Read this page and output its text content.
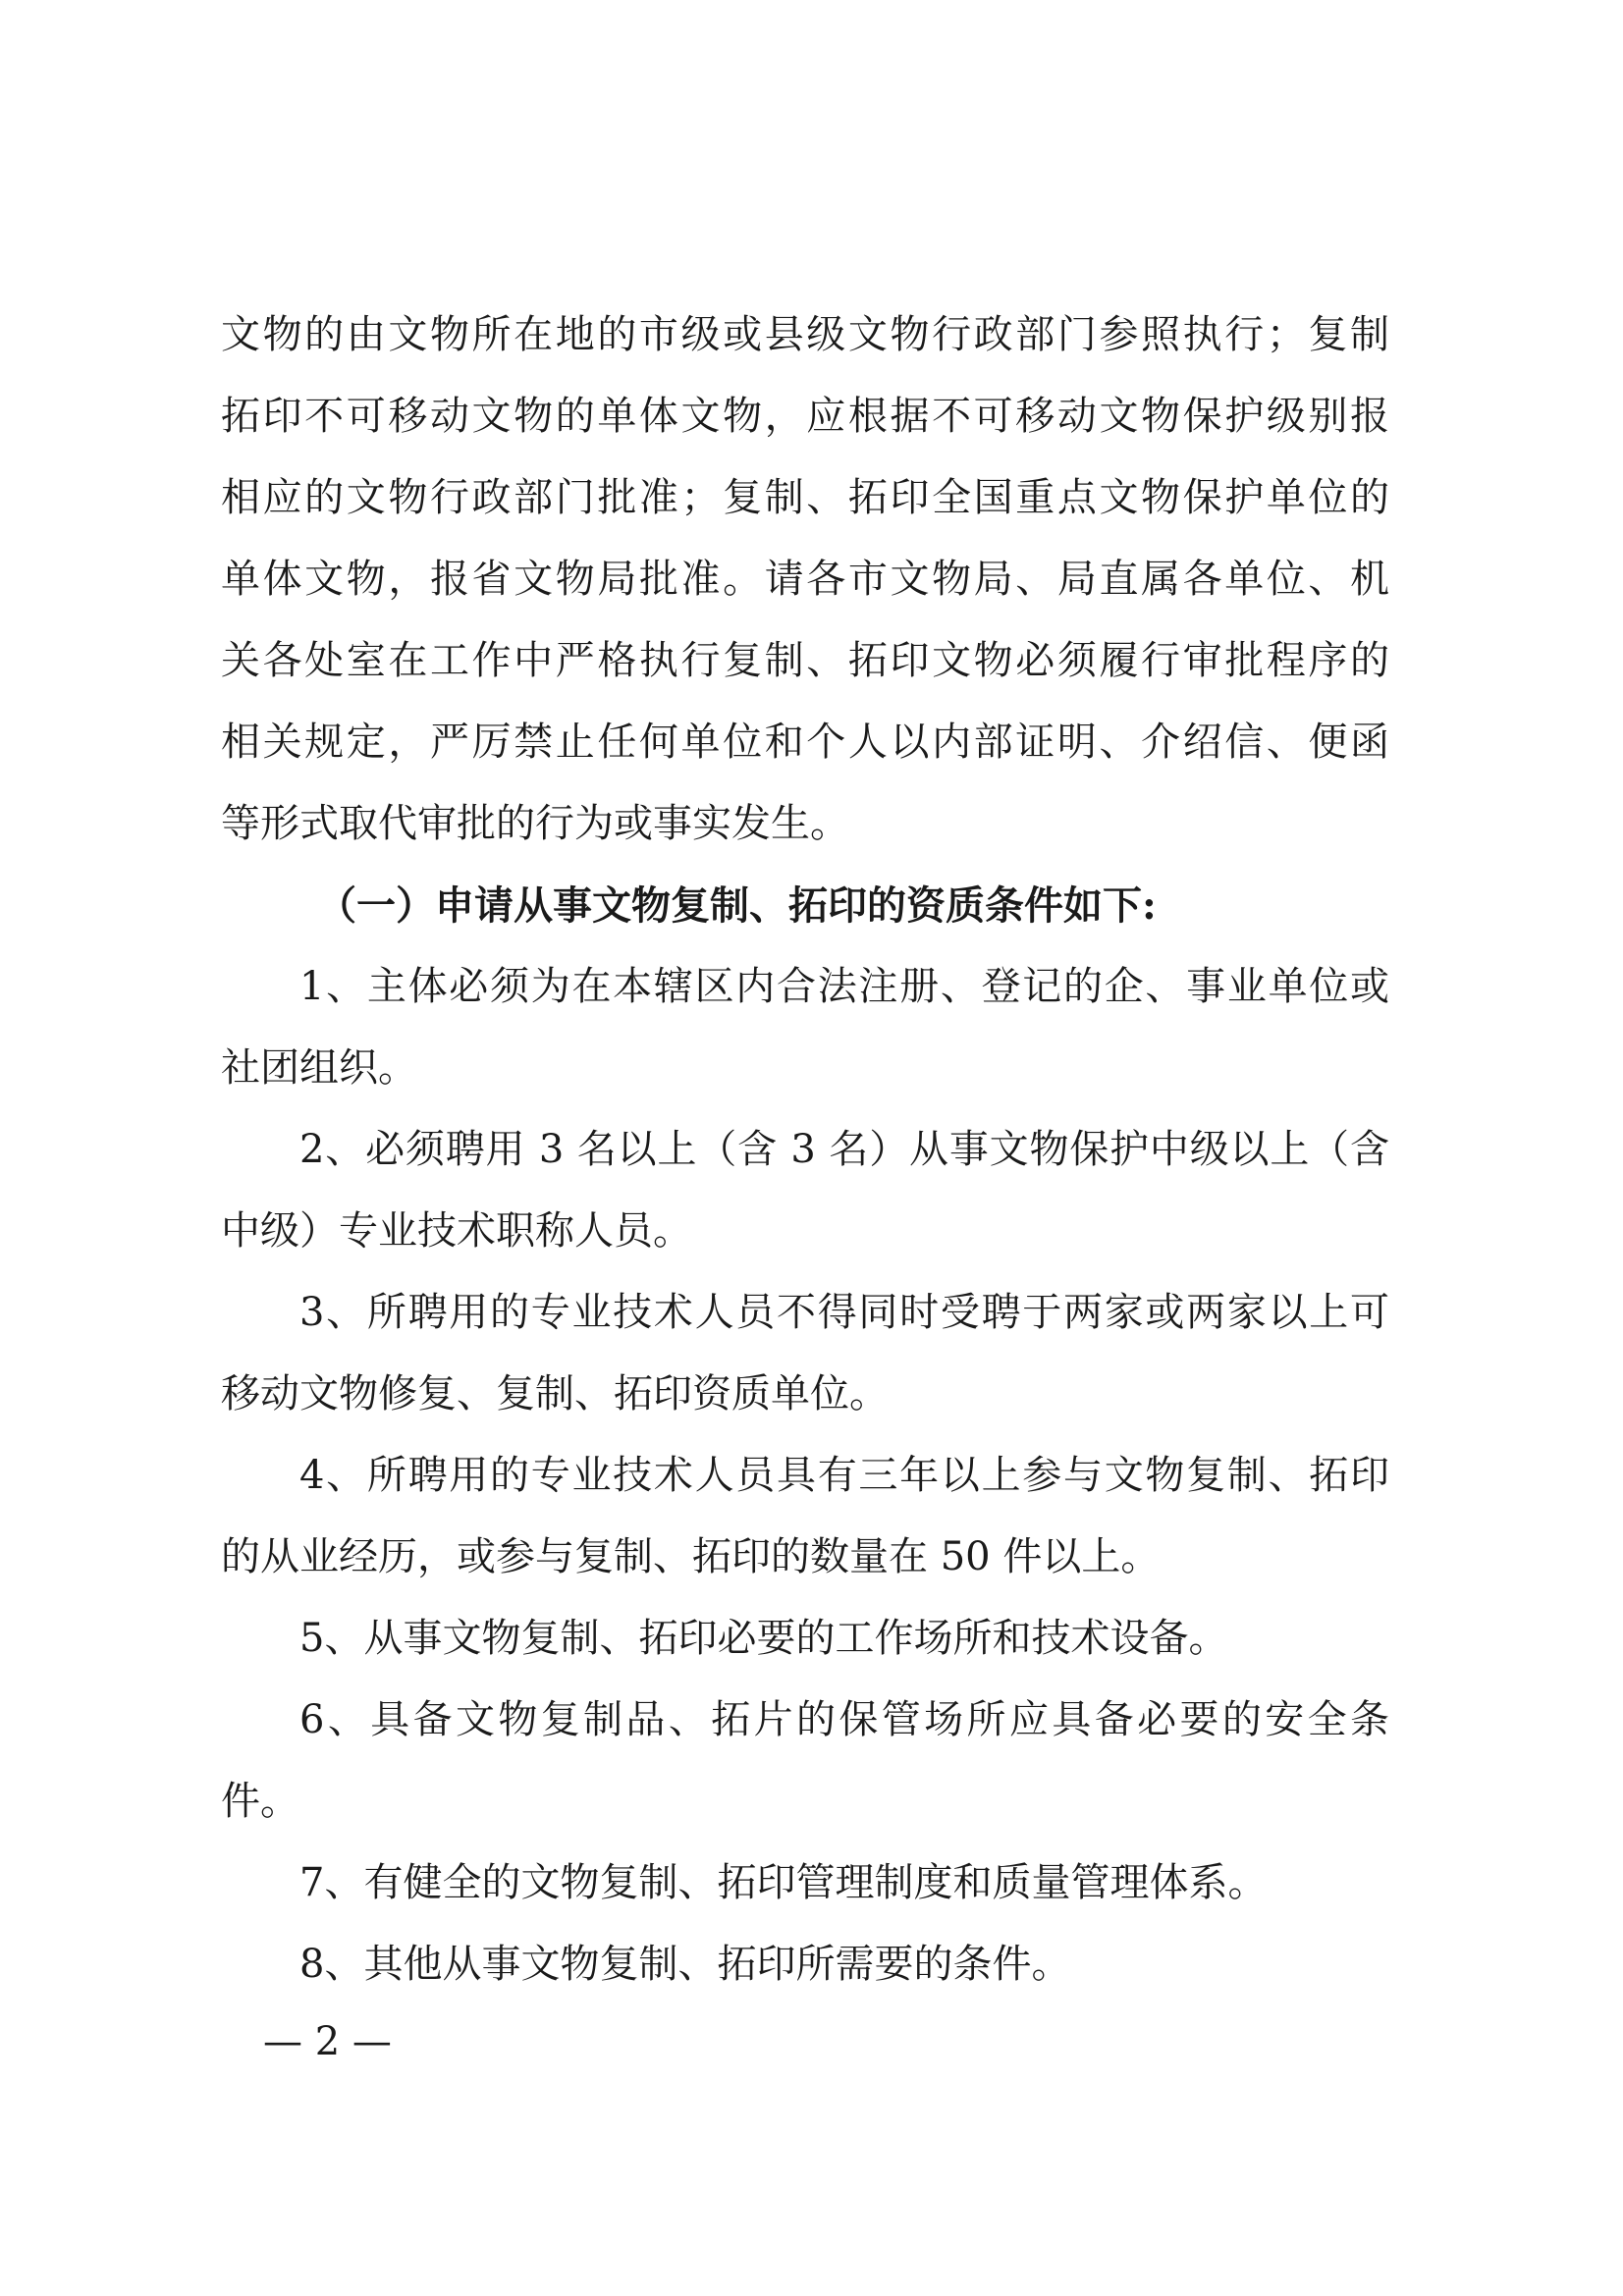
文物的由文物所在地的市级或县级文物行政部门参照执行；复制
拓印不可移动文物的单体文物，应根据不可移动文物保护级别报
相应的文物行政部门批准；复制、拓印全国重点文物保护单位的
单体文物，报省文物局批准。请各市文物局、局直属各单位、机
关各处室在工作中严格执行复制、拓印文物必须履行审批程序的
相关规定，严厉禁止任何单位和个人以内部证明、介绍信、便函
等形式取代审批的行为或事实发生。
（一）申请从事文物复制、拓印的资质条件如下:
1、主体必须为在本辖区内合法注册、登记的企、事业单位或
社团组织。
2、必须聘用 3 名以上（含 3 名）从事文物保护中级以上（含
中级）专业技术职称人员。
3、所聘用的专业技术人员不得同时受聘于两家或两家以上可
移动文物修复、复制、拓印资质单位。
4、所聘用的专业技术人员具有三年以上参与文物复制、拓印
的从业经历，或参与复制、拓印的数量在 50 件以上。
5、从事文物复制、拓印必要的工作场所和技术设备。
6、具备文物复制品、拓片的保管场所应具备必要的安全条
件。
7、有健全的文物复制、拓印管理制度和质量管理体系。
8、其他从事文物复制、拓印所需要的条件。
— 2 —
